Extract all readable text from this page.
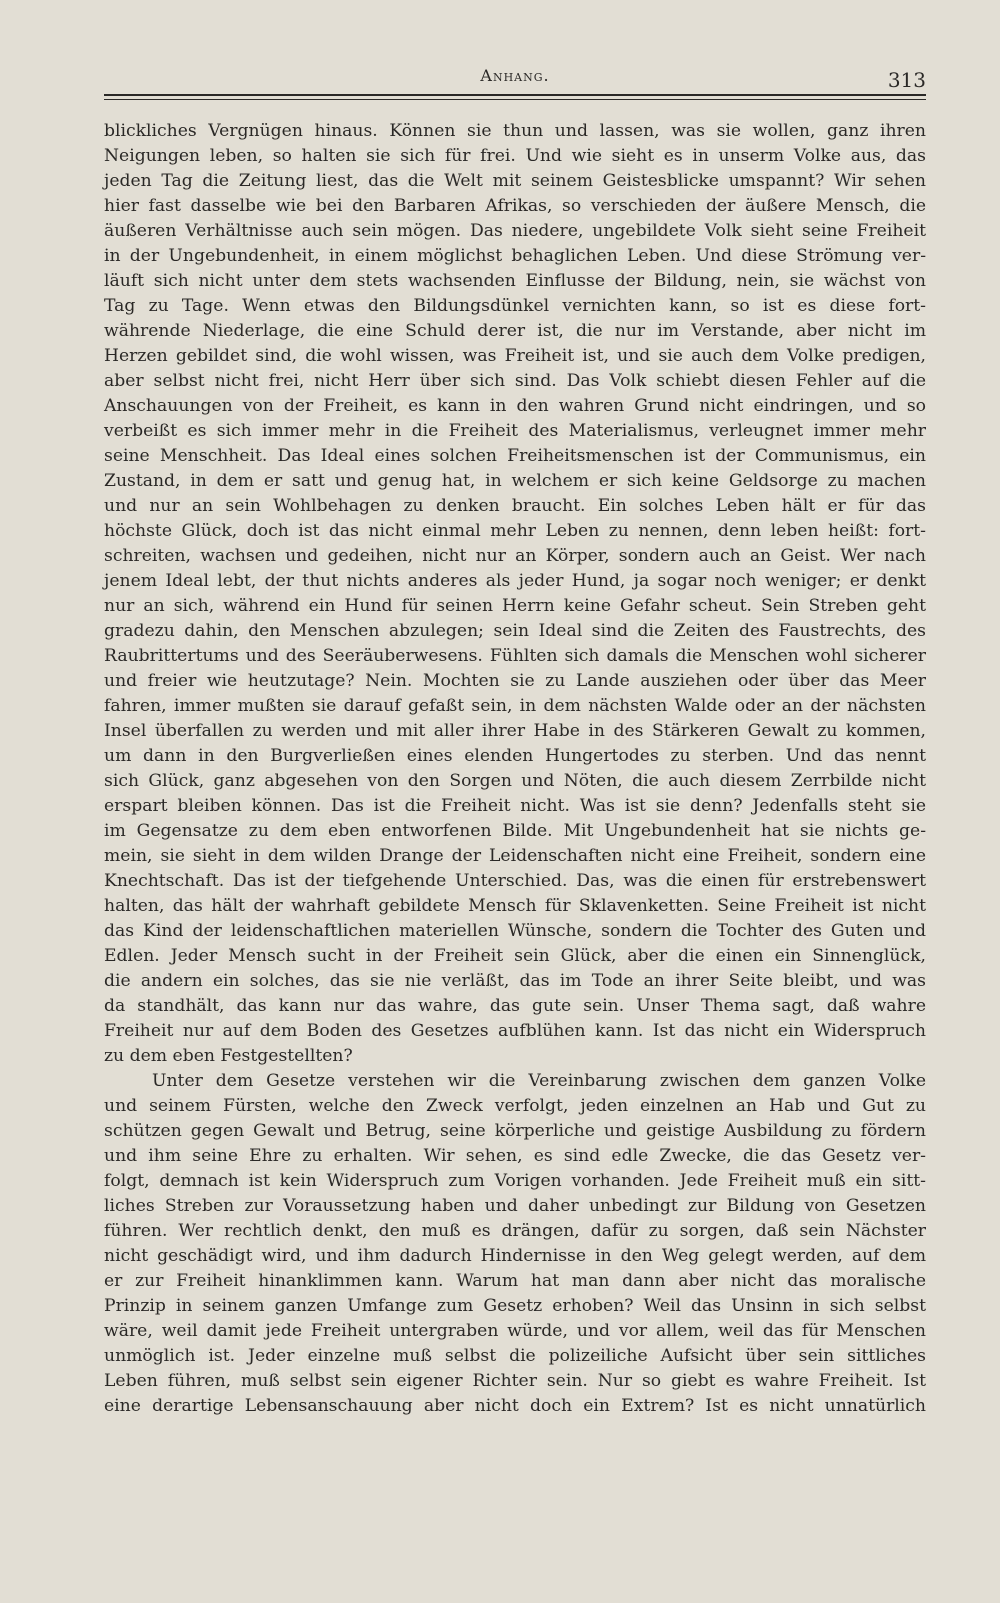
Anhang.	313
blickliches Vergnügen hinaus. Können sie thun und lassen, was sie wollen, ganz ihren
Neigungen leben, so halten sie sich für frei. Und wie sieht es in unserm Volke aus, das
jeden Tag die Zeitung liest, das die Welt mit seinem Geistesblicke umspannt? Wir sehen
hier fast dasselbe wie bei den Barbaren Afrikas, so verschieden der äußere Mensch, die
äußeren Verhältnisse auch sein mögen. Das niedere, ungebildete Volk sieht seine Freiheit
in der Ungebundenheit, in einem möglichst behaglichen Leben. Und diese Strömung ver-
läuft sich nicht unter dem stets wachsenden Einflusse der Bildung, nein, sie wächst von
Tag zu Tage. Wenn etwas den Bildungsdünkel vernichten kann, so ist es diese fort-
währende Niederlage, die eine Schuld derer ist, die nur im Verstande, aber nicht im
Herzen gebildet sind, die wohl wissen, was Freiheit ist, und sie auch dem Volke predigen,
aber selbst nicht frei, nicht Herr über sich sind. Das Volk schiebt diesen Fehler auf die
Anschauungen von der Freiheit, es kann in den wahren Grund nicht eindringen, und so
verbeißt es sich immer mehr in die Freiheit des Materialismus, verleugnet immer mehr
seine Menschheit. Das Ideal eines solchen Freiheitsmenschen ist der Communismus, ein
Zustand, in dem er satt und genug hat, in welchem er sich keine Geldsorge zu machen
und nur an sein Wohlbehagen zu denken braucht. Ein solches Leben hält er für das
höchste Glück, doch ist das nicht einmal mehr Leben zu nennen, denn leben heißt: fort-
schreiten, wachsen und gedeihen, nicht nur an Körper, sondern auch an Geist. Wer nach
jenem Ideal lebt, der thut nichts anderes als jeder Hund, ja sogar noch weniger; er denkt
nur an sich, während ein Hund für seinen Herrn keine Gefahr scheut. Sein Streben geht
gradezu dahin, den Menschen abzulegen; sein Ideal sind die Zeiten des Faustrechts, des
Raubrittertums und des Seeräuberwesens. Fühlten sich damals die Menschen wohl sicherer
und freier wie heutzutage? Nein. Mochten sie zu Lande ausziehen oder über das Meer
fahren, immer mußten sie darauf gefaßt sein, in dem nächsten Walde oder an der nächsten
Insel überfallen zu werden und mit aller ihrer Habe in des Stärkeren Gewalt zu kommen,
um dann in den Burgverließen eines elenden Hungertodes zu sterben. Und das nennt
sich Glück, ganz abgesehen von den Sorgen und Nöten, die auch diesem Zerrbilde nicht
erspart bleiben können. Das ist die Freiheit nicht. Was ist sie denn? Jedenfalls steht sie
im Gegensatze zu dem eben entworfenen Bilde. Mit Ungebundenheit hat sie nichts ge-
mein, sie sieht in dem wilden Drange der Leidenschaften nicht eine Freiheit, sondern eine
Knechtschaft. Das ist der tiefgehende Unterschied. Das, was die einen für erstrebenswert
halten, das hält der wahrhaft gebildete Mensch für Sklavenketten. Seine Freiheit ist nicht
das Kind der leidenschaftlichen materiellen Wünsche, sondern die Tochter des Guten und
Edlen. Jeder Mensch sucht in der Freiheit sein Glück, aber die einen ein Sinnenglück,
die andern ein solches, das sie nie verläßt, das im Tode an ihrer Seite bleibt, und was
da standhält, das kann nur das wahre, das gute sein. Unser Thema sagt, daß wahre
Freiheit nur auf dem Boden des Gesetzes aufblühen kann. Ist das nicht ein Widerspruch
zu dem eben Festgestellten?
Unter dem Gesetze verstehen wir die Vereinbarung zwischen dem ganzen Volke
und seinem Fürsten, welche den Zweck verfolgt, jeden einzelnen an Hab und Gut zu
schützen gegen Gewalt und Betrug, seine körperliche und geistige Ausbildung zu fördern
und ihm seine Ehre zu erhalten. Wir sehen, es sind edle Zwecke, die das Gesetz ver-
folgt, demnach ist kein Widerspruch zum Vorigen vorhanden. Jede Freiheit muß ein sitt-
liches Streben zur Voraussetzung haben und daher unbedingt zur Bildung von Gesetzen
führen. Wer rechtlich denkt, den muß es drängen, dafür zu sorgen, daß sein Nächster
nicht geschädigt wird, und ihm dadurch Hindernisse in den Weg gelegt werden, auf dem
er zur Freiheit hinanklimmen kann. Warum hat man dann aber nicht das moralische
Prinzip in seinem ganzen Umfange zum Gesetz erhoben? Weil das Unsinn in sich selbst
wäre, weil damit jede Freiheit untergraben würde, und vor allem, weil das für Menschen
unmöglich ist. Jeder einzelne muß selbst die polizeiliche Aufsicht über sein sittliches
Leben führen, muß selbst sein eigener Richter sein. Nur so giebt es wahre Freiheit. Ist
eine derartige Lebensanschauung aber nicht doch ein Extrem? Ist es nicht unnatürlich
